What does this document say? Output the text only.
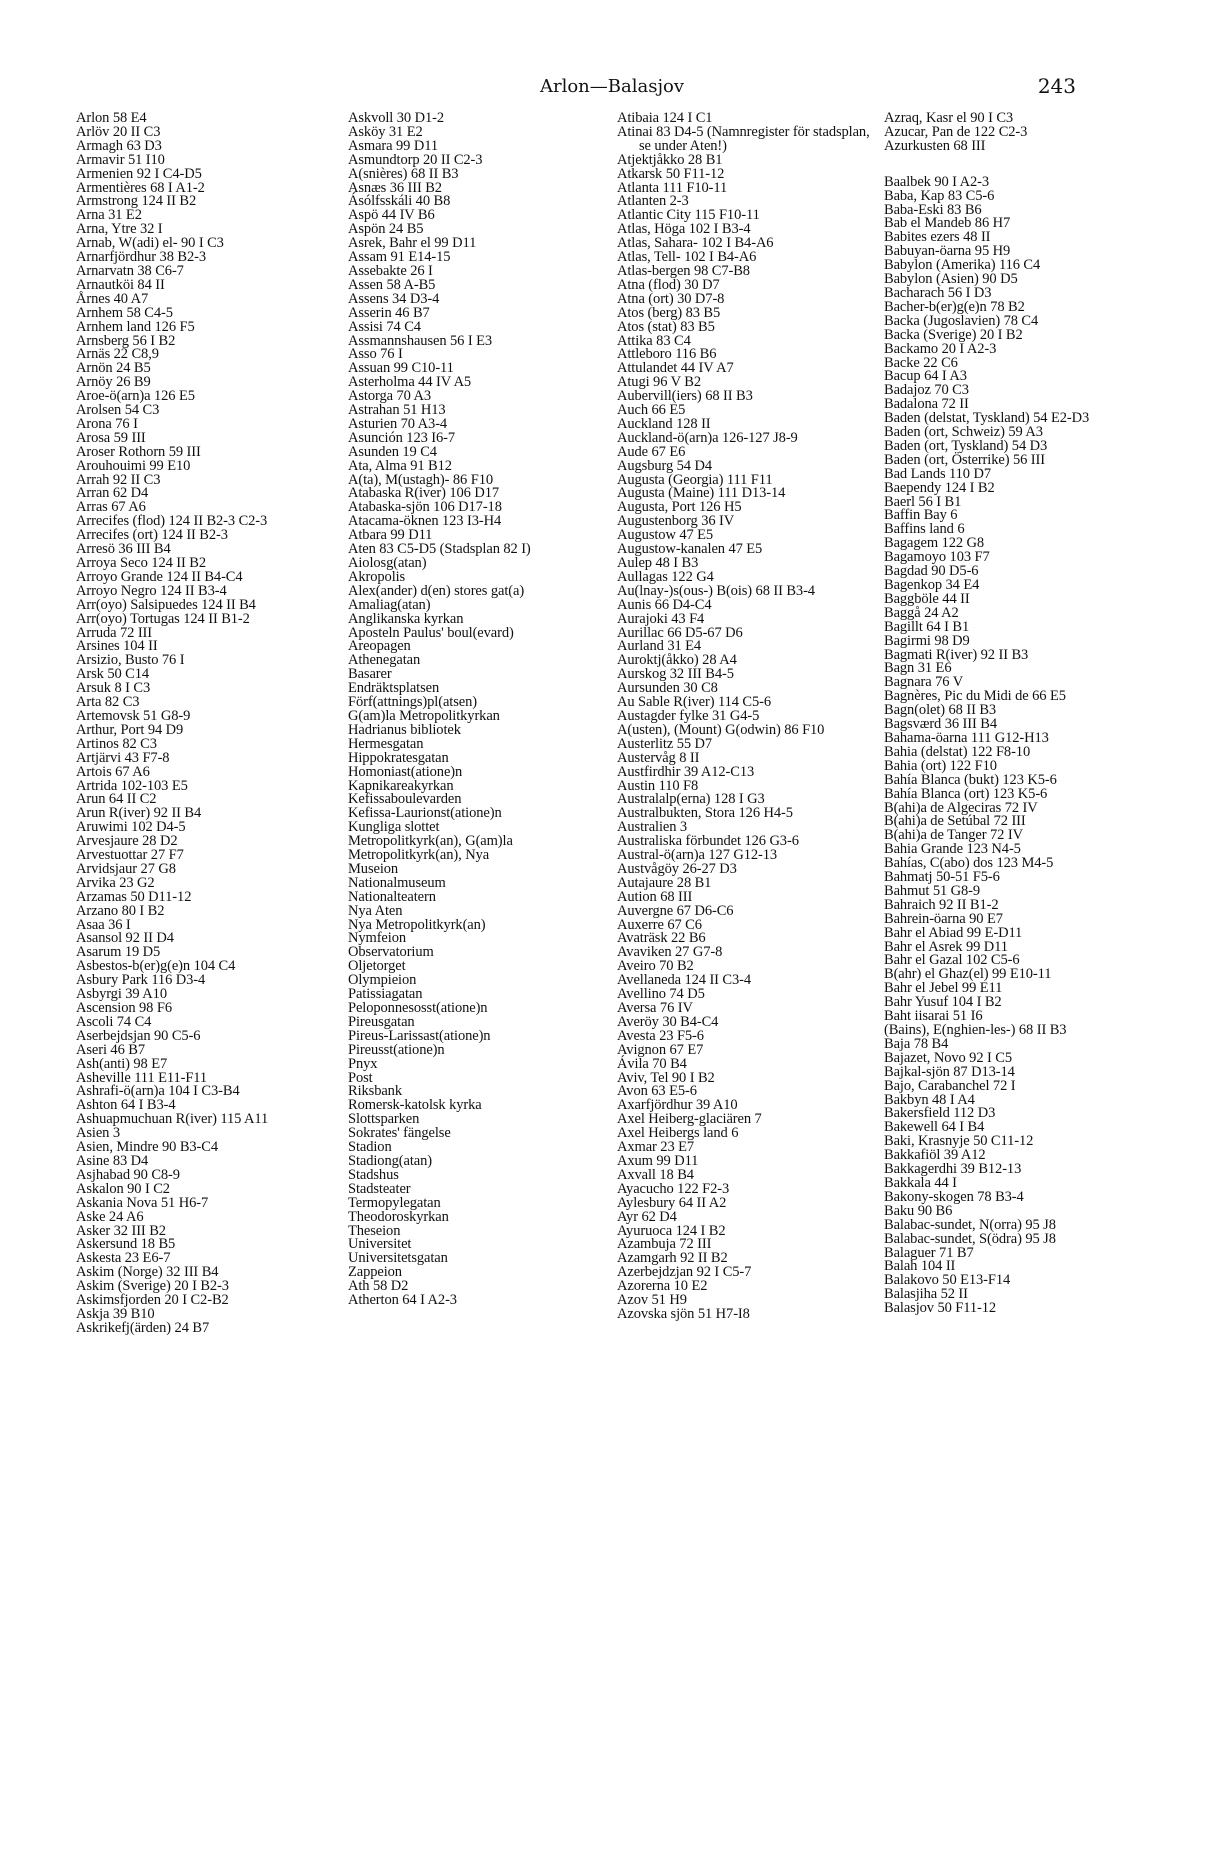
Arlon—Balasjov	243
Arlon 58 E4
Arlöv 20 II C3
Armagh 63 D3
Armavir 51 I10
Armenien 92 I C4-D5
Armentières 68 I A1-2
Armstrong 124 II B2
Arna 31 E2
Arna, Ytre 32 I
Arnab, W(adi) el- 90 I C3
Arnarfjördhur 38 B2-3
Arnarvatn 38 C6-7
Arnautköi 84 II
Årnes 40 A7
Arnhem 58 C4-5
Arnhem land 126 F5
Arnsberg 56 I B2
Arnäs 22 C8,9
Arnön 24 B5
Arnöy 26 B9
Aroe-ö(arn)a 126 E5
Arolsen 54 C3
Arona 76 I
Arosa 59 III
Aroser Rothorn 59 III
Arouhouimi 99 E10
Arrah 92 II C3
Arran 62 D4
Arras 67 A6
Arrecifes (flod) 124 II B2-3 C2-3
Arrecifes (ort) 124 II B2-3
Arresö 36 III B4
Arroya Seco 124 II B2
Arroyo Grande 124 II B4-C4
Arroyo Negro 124 II B3-4
Arr(oyo) Salsipuedes 124 II B4
Arr(oyo) Tortugas 124 II B1-2
Arruda 72 III
Arsines 104 II
Arsizio, Busto 76 I
Arsk 50 C14
Arsuk 8 I C3
Arta 82 C3
Artemovsk 51 G8-9
Arthur, Port 94 D9
Artinos 82 C3
Artjärvi 43 F7-8
Artois 67 A6
Artrida 102-103 E5
Arun 64 II C2
Arun R(iver) 92 II B4
Aruwimi 102 D4-5
Arvesjaure 28 D2
Arvestuottar 27 F7
Arvidsjaur 27 G8
Arvika 23 G2
Arzamas 50 D11-12
Arzano 80 I B2
Asaa 36 I
Asansol 92 II D4
Asarum 19 D5
Asbestos-b(er)g(e)n 104 C4
Asbury Park 116 D3-4
Asbyrgi 39 A10
Ascension 98 F6
Ascoli 74 C4
Aserbejdsjan 90 C5-6
Aseri 46 B7
Ash(anti) 98 E7
Asheville 111 E11-F11
Ashrafi-ö(arn)a 104 I C3-B4
Ashton 64 I B3-4
Ashuapmuchuan R(iver) 115 A11
Asien 3
Asien, Mindre 90 B3-C4
Asine 83 D4
Asjhabad 90 C8-9
Askalon 90 I C2
Askania Nova 51 H6-7
Aske 24 A6
Asker 32 III B2
Askersund 18 B5
Askesta 23 E6-7
Askim (Norge) 32 III B4
Askim (Sverige) 20 I B2-3
Askimsfjorden 20 I C2-B2
Askja 39 B10
Askrikefj(ärden) 24 B7
Askvoll 30 D1-2
Asköy 31 E2
Asmara 99 D11
Asmundtorp 20 II C2-3
A(snières) 68 II B3
Asnæs 36 III B2
Ásólfsskáli 40 B8
Aspö 44 IV B6
Aspön 24 B5
Asrek, Bahr el 99 D11
Assam 91 E14-15
Assebakte 26 I
Assen 58 A-B5
Assens 34 D3-4
Asserin 46 B7
Assisi 74 C4
Assmannshausen 56 I E3
Asso 76 I
Assuan 99 C10-11
Asterholma 44 IV A5
Astorga 70 A3
Astrahan 51 H13
Asturien 70 A3-4
Asunción 123 I6-7
Asunden 19 C4
Ata, Alma 91 B12
A(ta), M(ustagh)- 86 F10
Atabaska R(iver) 106 D17
Atabaska-sjön 106 D17-18
Atacama-öknen 123 I3-H4
Atbara 99 D11
Aten 83 C5-D5 (Stadsplan 82 I)
Aiolosg(atan)
Akropolis
Alex(ander) d(en) stores gat(a)
Amaliag(atan)
Anglikanska kyrkan
Aposteln Paulus' boul(evard)
Areopagen
Athenegatan
Basarer
Endräktsplatsen
Förf(attnings)pl(atsen)
G(am)la Metropolitkyrkan
Hadrianus bibliotek
Hermesgatan
Hippokratesgatan
Homoniast(atione)n
Kapnikareakyrkan
Kefissaboulevarden
Kefissa-Laurionst(atione)n
Kungliga slottet
Metropolitkyrk(an), G(am)la
Metropolitkyrk(an), Nya
Museion
Nationalmuseum
Nationalteatern
Nya Aten
Nya Metropolitkyrk(an)
Nymfeion
Observatorium
Oljetorget
Olympieion
Patissiagatan
Peloponnesosst(atione)n
Pireusgatan
Pireus-Larissast(atione)n
Pireusst(atione)n
Pnyx
Post
Riksbank
Romersk-katolsk kyrka
Slottsparken
Sokrates' fängelse
Stadion
Stadiong(atan)
Stadshus
Stadsteater
Termopylegatan
Theodoroskyrkan
Theseion
Universitet
Universitetsgatan
Zappeion
Ath 58 D2
Atherton 64 I A2-3
Atibaia 124 I C1
Atinai 83 D4-5 (Namnregister för stadsplan, se under Aten!)
Atjektjåkko 28 B1
Atkarsk 50 F11-12
Atlanta 111 F10-11
Atlanten 2-3
Atlantic City 115 F10-11
Atlas, Höga 102 I B3-4
Atlas, Sahara- 102 I B4-A6
Atlas, Tell- 102 I B4-A6
Atlas-bergen 98 C7-B8
Atna (flod) 30 D7
Atna (ort) 30 D7-8
Atos (berg) 83 B5
Atos (stat) 83 B5
Attika 83 C4
Attleboro 116 B6
Attulandet 44 IV A7
Atugi 96 V B2
Aubervill(iers) 68 II B3
Auch 66 E5
Auckland 128 II
Auckland-ö(arn)a 126-127 J8-9
Aude 67 E6
Augsburg 54 D4
Augusta (Georgia) 111 F11
Augusta (Maine) 111 D13-14
Augusta, Port 126 H5
Augustenborg 36 IV
Augustow 47 E5
Augustow-kanalen 47 E5
Aulep 48 I B3
Aullagas 122 G4
Au(lnay-)s(ous-) B(ois) 68 II B3-4
Aunis 66 D4-C4
Aurajoki 43 F4
Aurillac 66 D5-67 D6
Aurland 31 E4
Auroktj(åkko) 28 A4
Aurskog 32 III B4-5
Aursunden 30 C8
Au Sable R(iver) 114 C5-6
Austagder fylke 31 G4-5
A(usten), (Mount) G(odwin) 86 F10
Austerlitz 55 D7
Austervåg 8 II
Austfirdhir 39 A12-C13
Austin 110 F8
Australalp(erna) 128 I G3
Australbukten, Stora 126 H4-5
Australien 3
Australiska förbundet 126 G3-6
Austral-ö(arn)a 127 G12-13
Austvågöy 26-27 D3
Autajaure 28 B1
Aution 68 III
Auvergne 67 D6-C6
Auxerre 67 C6
Avaträsk 22 B6
Avaviken 27 G7-8
Aveiro 70 B2
Avellaneda 124 II C3-4
Avellino 74 D5
Aversa 76 IV
Averöy 30 B4-C4
Avesta 23 F5-6
Avignon 67 E7
Ávila 70 B4
Aviv, Tel 90 I B2
Avon 63 E5-6
Axarfjördhur 39 A10
Axel Heiberg-glaciären 7
Axel Heibergs land 6
Axmar 23 E7
Axum 99 D11
Axvall 18 B4
Ayacucho 122 F2-3
Aylesbury 64 II A2
Ayr 62 D4
Ayuruoca 124 I B2
Azambuja 72 III
Azamgarh 92 II B2
Azerbejdzjan 92 I C5-7
Azorerna 10 E2
Azov 51 H9
Azovska sjön 51 H7-I8
Azraq, Kasr el 90 I C3
Azucar, Pan de 122 C2-3
Azurkusten 68 III
Baalbek 90 I A2-3
Baba, Kap 83 C5-6
Baba-Eski 83 B6
Bab el Mandeb 86 H7
Babites ezers 48 II
Babuyan-öarna 95 H9
Babylon (Amerika) 116 C4
Babylon (Asien) 90 D5
Bacharach 56 I D3
Bacher-b(er)g(e)n 78 B2
Backa (Jugoslavien) 78 C4
Backa (Sverige) 20 I B2
Backamo 20 I A2-3
Backe 22 C6
Bacup 64 I A3
Badajoz 70 C3
Badalona 72 II
Baden (delstat, Tyskland) 54 E2-D3
Baden (ort, Schweiz) 59 A3
Baden (ort, Tyskland) 54 D3
Baden (ort, Österrike) 56 III
Bad Lands 110 D7
Baependy 124 I B2
Baerl 56 I B1
Baffin Bay 6
Baffins land 6
Bagagem 122 G8
Bagamoyo 103 F7
Bagdad 90 D5-6
Bagenkop 34 E4
Baggböle 44 II
Baggå 24 A2
Bagillt 64 I B1
Bagirmi 98 D9
Bagmati R(iver) 92 II B3
Bagn 31 E6
Bagnara 76 V
Bagnères, Pic du Midi de 66 E5
Bagn(olet) 68 II B3
Bagsværd 36 III B4
Bahama-öarna 111 G12-H13
Bahia (delstat) 122 F8-10
Bahia (ort) 122 F10
Bahía Blanca (bukt) 123 K5-6
Bahía Blanca (ort) 123 K5-6
B(ahi)a de Algeciras 72 IV
B(ahi)a de Setúbal 72 III
B(ahi)a de Tanger 72 IV
Bahia Grande 123 N4-5
Bahías, C(abo) dos 123 M4-5
Bahmatj 50-51 F5-6
Bahmut 51 G8-9
Bahraich 92 II B1-2
Bahrein-öarna 90 E7
Bahr el Abiad 99 E-D11
Bahr el Asrek 99 D11
Bahr el Gazal 102 C5-6
B(ahr) el Ghaz(el) 99 E10-11
Bahr el Jebel 99 E11
Bahr Yusuf 104 I B2
Baht iisarai 51 I6
(Bains), E(nghien-les-) 68 II B3
Baja 78 B4
Bajazet, Novo 92 I C5
Bajkal-sjön 87 D13-14
Bajo, Carabanchel 72 I
Bakbyn 48 I A4
Bakersfield 112 D3
Bakewell 64 I B4
Baki, Krasnyje 50 C11-12
Bakkafiöl 39 A12
Bakkagerdhi 39 B12-13
Bakkala 44 I
Bakony-skogen 78 B3-4
Baku 90 B6
Balabac-sundet, N(orra) 95 J8
Balabac-sundet, S(ödra) 95 J8
Balaguer 71 B7
Balah 104 II
Balakovo 50 E13-F14
Balasjiha 52 II
Balasjov 50 F11-12
